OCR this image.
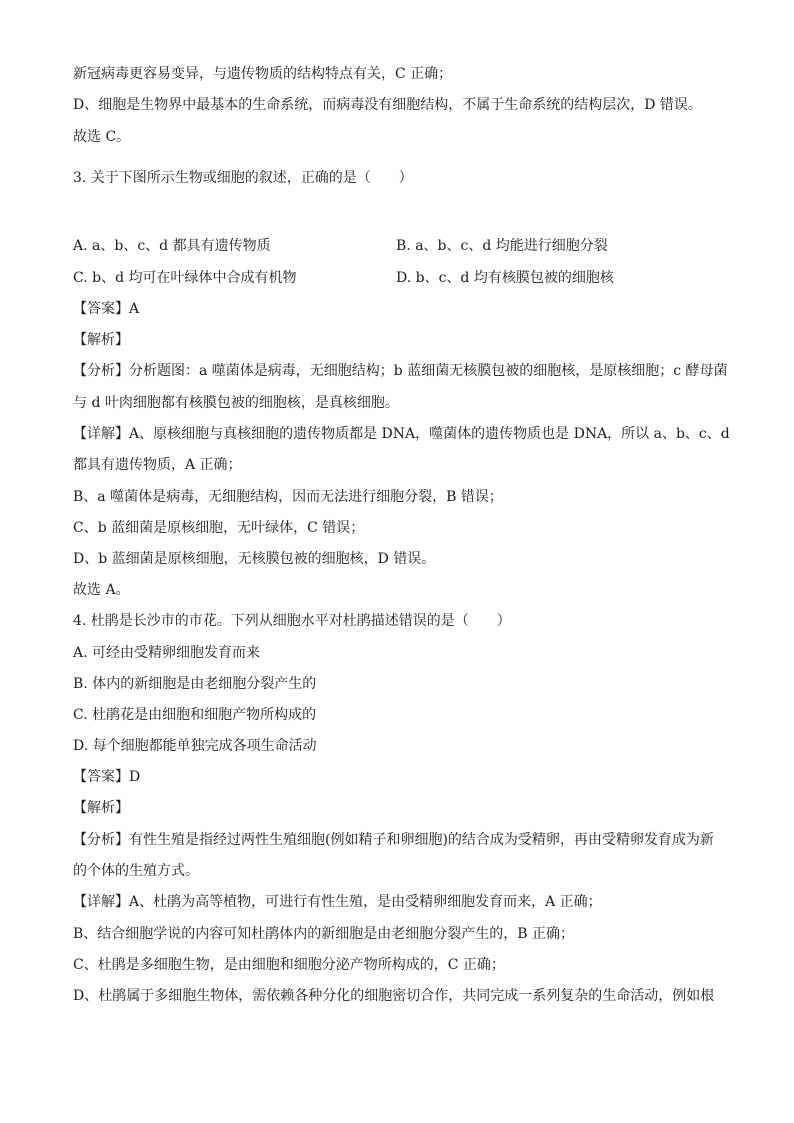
新冠病毒更容易变异，与遗传物质的结构特点有关，C 正确；
D、细胞是生物界中最基本的生命系统，而病毒没有细胞结构，不属于生命系统的结构层次，D 错误。
故选 C。
3. 关于下图所示生物或细胞的叙述，正确的是（　　）
A. a、b、c、d 都具有遗传物质	B. a、b、c、d 均能进行细胞分裂
C. b、d 均可在叶绿体中合成有机物	D. b、c、d 均有核膜包被的细胞核
【答案】A
【解析】
【分析】分析题图：a 噬菌体是病毒，无细胞结构；b 蓝细菌无核膜包被的细胞核，是原核细胞；c 酵母菌
与 d 叶肉细胞都有核膜包被的细胞核，是真核细胞。
【详解】A、原核细胞与真核细胞的遗传物质都是 DNA，噬菌体的遗传物质也是 DNA，所以 a、b、c、d
都具有遗传物质，A 正确；
B、a 噬菌体是病毒，无细胞结构，因而无法进行细胞分裂，B 错误；
C、b 蓝细菌是原核细胞，无叶绿体，C 错误；
D、b 蓝细菌是原核细胞，无核膜包被的细胞核，D 错误。
故选 A。
4. 杜鹃是长沙市的市花。下列从细胞水平对杜鹃描述错误的是（　　）
A. 可经由受精卵细胞发育而来
B. 体内的新细胞是由老细胞分裂产生的
C. 杜鹃花是由细胞和细胞产物所构成的
D. 每个细胞都能单独完成各项生命活动
【答案】D
【解析】
【分析】有性生殖是指经过两性生殖细胞(例如精子和卵细胞)的结合成为受精卵，再由受精卵发育成为新
的个体的生殖方式。
【详解】A、杜鹃为高等植物，可进行有性生殖，是由受精卵细胞发育而来，A 正确；
B、结合细胞学说的内容可知杜鹃体内的新细胞是由老细胞分裂产生的，B 正确；
C、杜鹃是多细胞生物，是由细胞和细胞分泌产物所构成的，C 正确；
D、杜鹃属于多细胞生物体，需依赖各种分化的细胞密切合作，共同完成一系列复杂的生命活动，例如根
